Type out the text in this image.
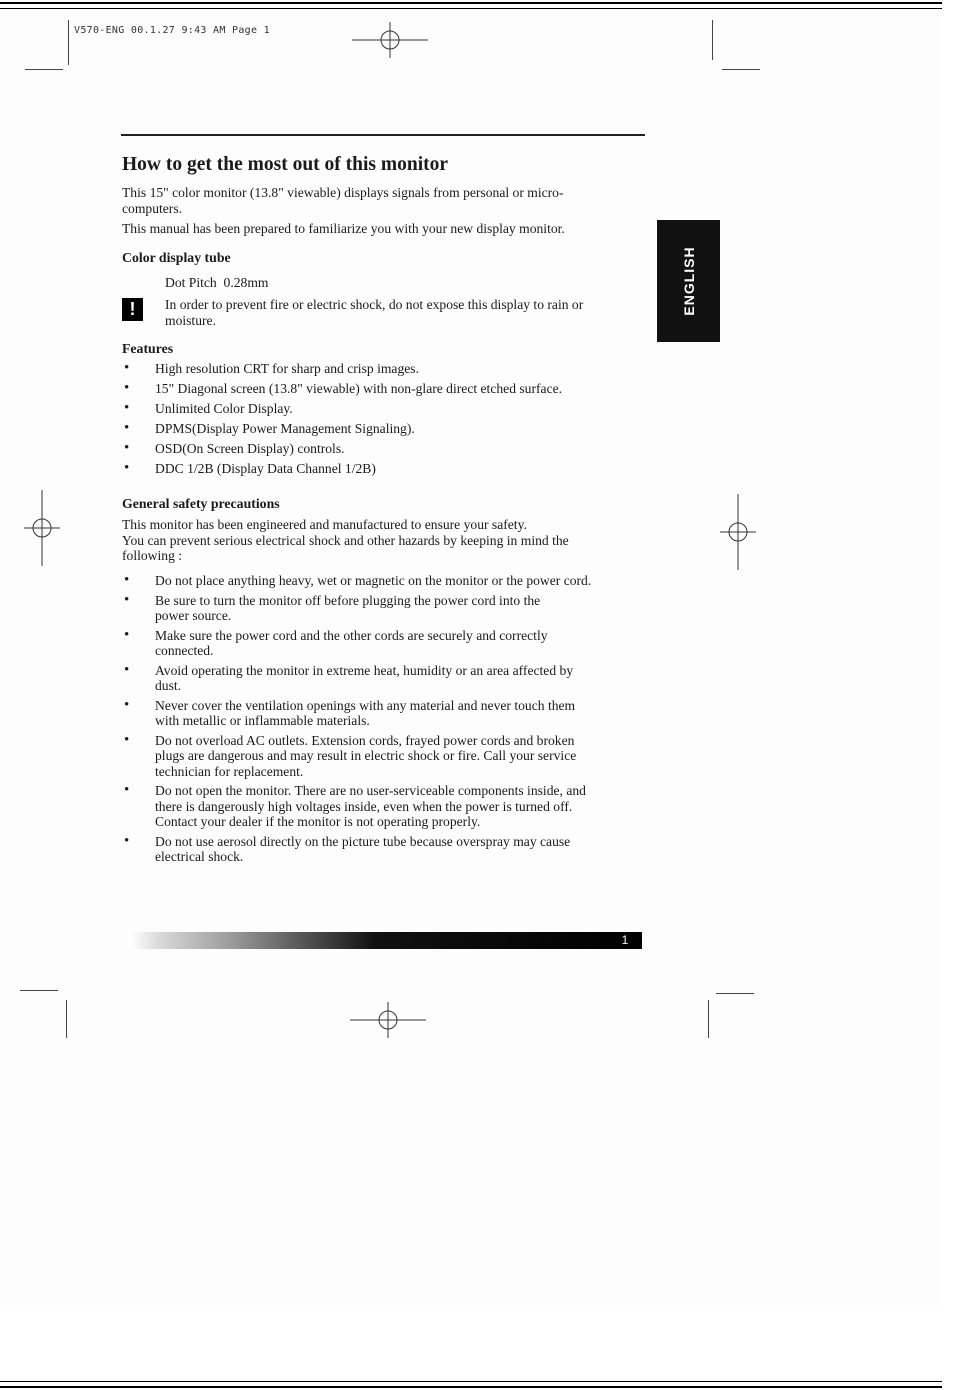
V570-ENG 00.1.27 9:43 AM Page 1
How to get the most out of this monitor
This 15" color monitor (13.8" viewable) displays signals from personal or micro-
computers.
This manual has been prepared to familiarize you with your new display monitor.
ENGLISH
Color display tube
Dot Pitch  0.28mm
!	In order to prevent fire or electric shock, do not expose this display to rain or
moisture.
Features
• High resolution CRT for sharp and crisp images.
• 15" Diagonal screen (13.8" viewable) with non-glare direct etched surface.
• Unlimited Color Display.
• DPMS(Display Power Management Signaling).
• OSD(On Screen Display) controls.
• DDC 1/2B (Display Data Channel 1/2B)
General safety precautions
This monitor has been engineered and manufactured to ensure your safety.
You can prevent serious electrical shock and other hazards by keeping in mind the
following :
• Do not place anything heavy, wet or magnetic on the monitor or the power cord.
• Be sure to turn the monitor off before plugging the power cord into the
power source.
• Make sure the power cord and the other cords are securely and correctly
connected.
• Avoid operating the monitor in extreme heat, humidity or an area affected by
dust.
• Never cover the ventilation openings with any material and never touch them
with metallic or inflammable materials.
• Do not overload AC outlets. Extension cords, frayed power cords and broken
plugs are dangerous and may result in electric shock or fire. Call your service
technician for replacement.
• Do not open the monitor. There are no user-serviceable components inside, and
there is dangerously high voltages inside, even when the power is turned off.
Contact your dealer if the monitor is not operating properly.
• Do not use aerosol directly on the picture tube because overspray may cause
electrical shock.
1
